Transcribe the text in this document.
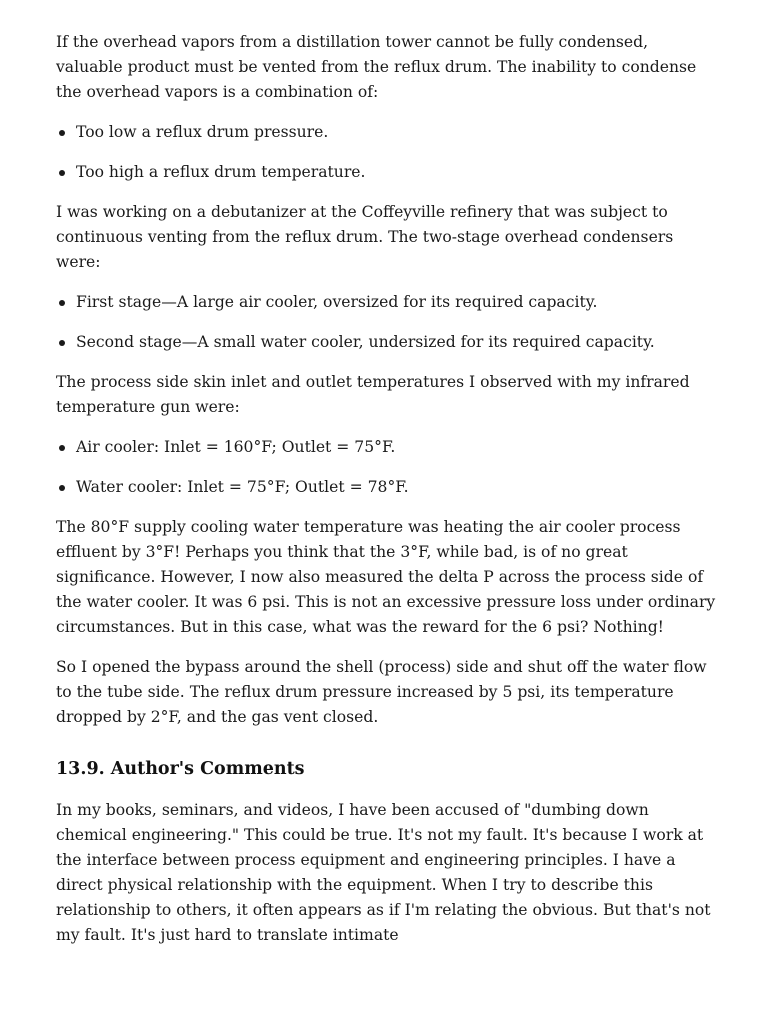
If the overhead vapors from a distillation tower cannot be fully condensed, valuable product must be vented from the reflux drum. The inability to condense the overhead vapors is a combination of:

Too low a reflux drum pressure.
Too high a reflux drum temperature.

I was working on a debutanizer at the Coffeyville refinery that was subject to continuous venting from the reflux drum. The two-stage overhead condensers were:

First stage—A large air cooler, oversized for its required capacity.
Second stage—A small water cooler, undersized for its required capacity.

The process side skin inlet and outlet temperatures I observed with my infrared temperature gun were:

Air cooler: Inlet = 160°F; Outlet = 75°F.
Water cooler: Inlet = 75°F; Outlet = 78°F.

The 80°F supply cooling water temperature was heating the air cooler process effluent by 3°F! Perhaps you think that the 3°F, while bad, is of no great significance. However, I now also measured the delta P across the process side of the water cooler. It was 6 psi. This is not an excessive pressure loss under ordinary circumstances. But in this case, what was the reward for the 6 psi? Nothing!

So I opened the bypass around the shell (process) side and shut off the water flow to the tube side. The reflux drum pressure increased by 5 psi, its temperature dropped by 2°F, and the gas vent closed.

13.9. Author's Comments

In my books, seminars, and videos, I have been accused of "dumbing down chemical engineering." This could be true. It's not my fault. It's because I work at the interface between process equipment and engineering principles. I have a direct physical relationship with the equipment. When I try to describe this relationship to others, it often appears as if I'm relating the obvious. But that's not my fault. It's just hard to translate intimate
